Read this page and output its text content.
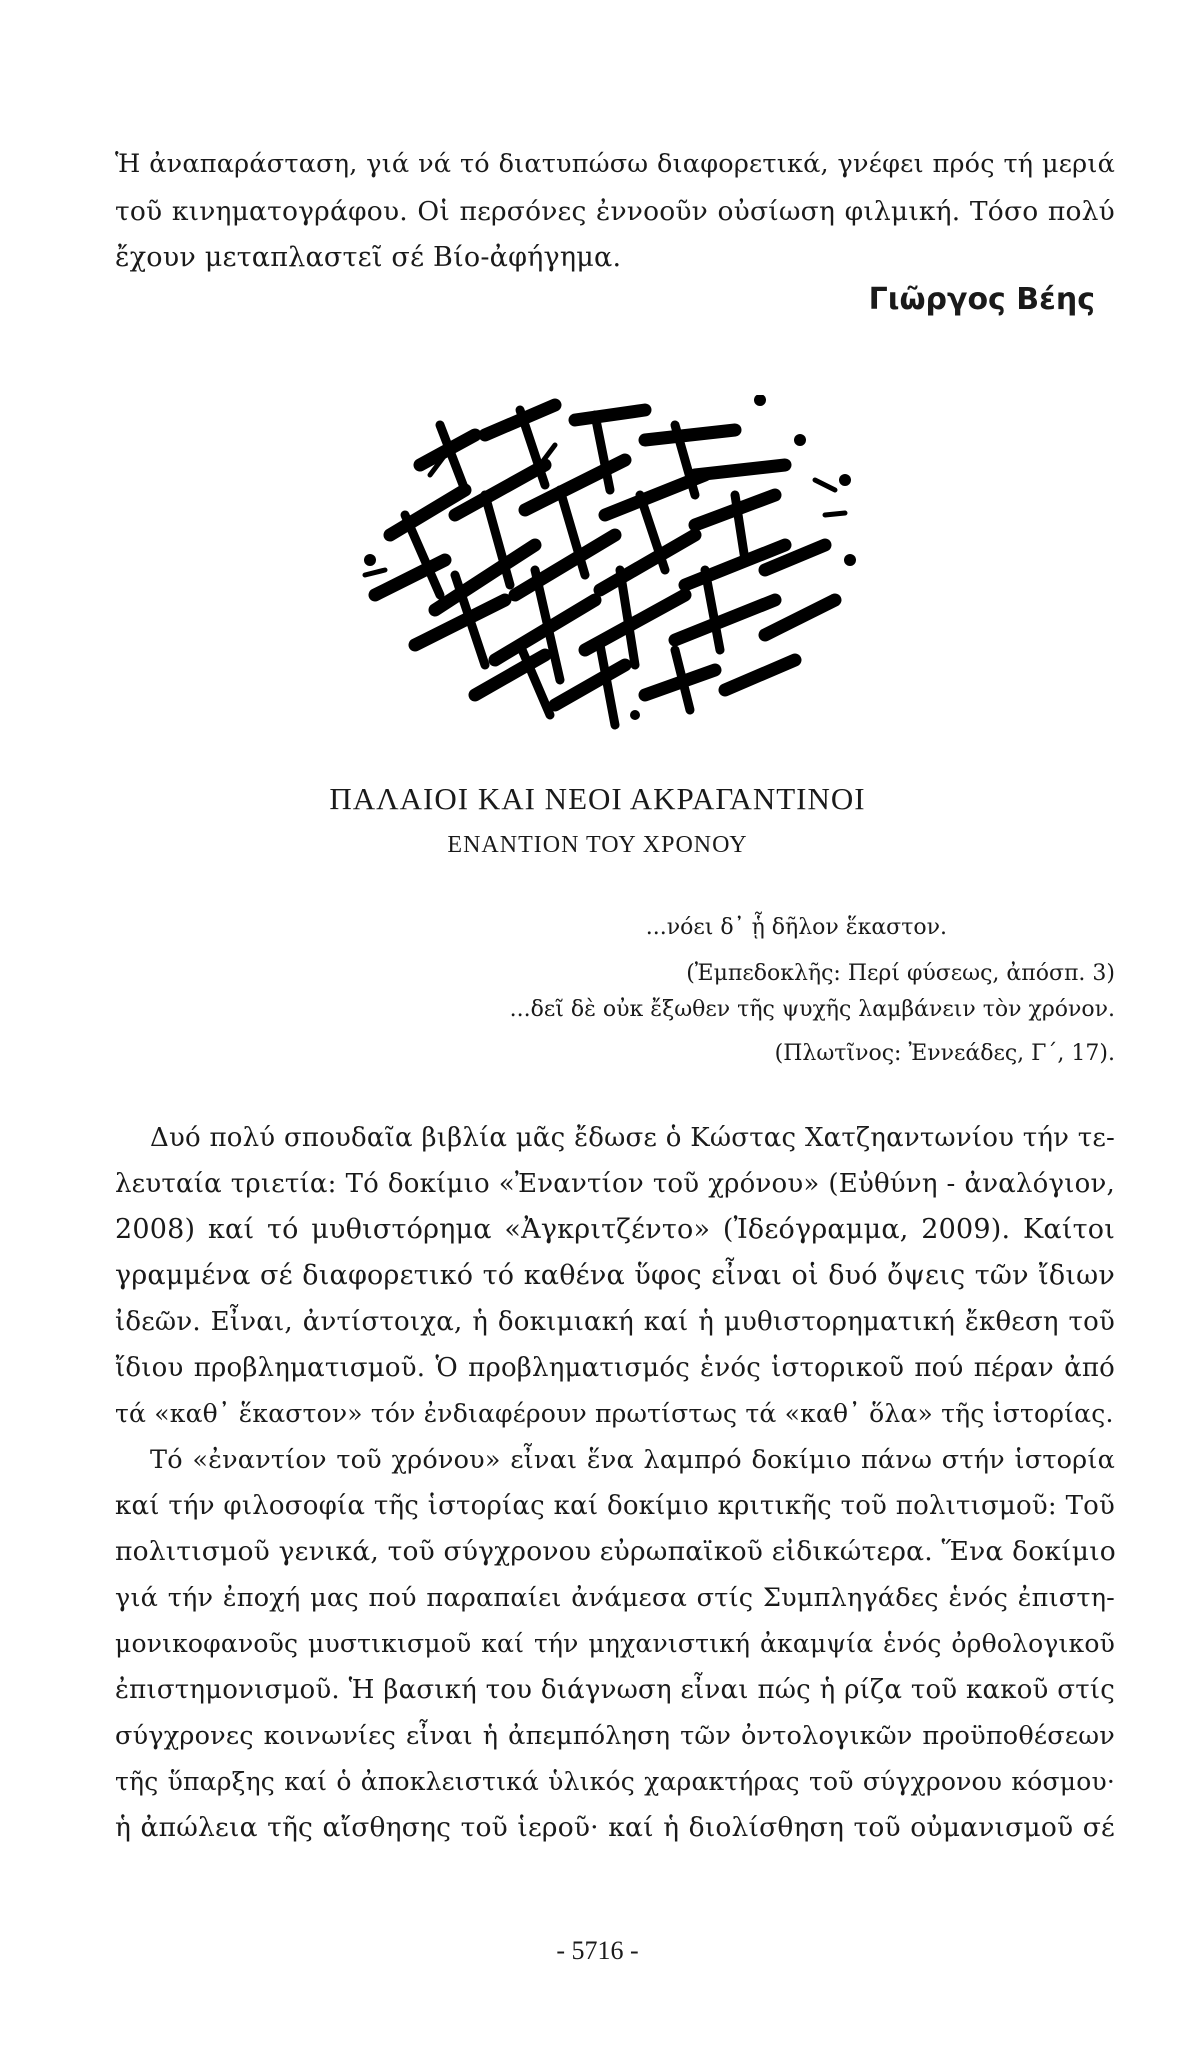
Ἡ ἀναπαράσταση, γιά νά τό διατυπώσω διαφορετικά, γνέφει πρός τή μεριά
τοῦ κινηματογράφου. Οἱ περσόνες ἐννοοῦν οὐσίωση φιλμική. Τόσο πολύ
ἔχουν μεταπλαστεῖ σέ Βίο-ἀφήγημα.
Γιῶργος Βέης
ΠΑΛΑΙΟΙ ΚΑΙ ΝΕΟΙ ΑΚΡΑΓΑΝΤΙΝΟΙ
ΕΝΑΝΤΙΟΝ ΤΟΥ ΧΡΟΝΟΥ
...νόει δ᾽ ᾗ δῆλον ἕκαστον.
(Ἐμπεδοκλῆς: Περί φύσεως, ἀπόσπ. 3)
...δεῖ δὲ οὐκ ἔξωθεν τῆς ψυχῆς λαμβάνειν τὸν χρόνον.
(Πλωτῖνος: Ἐννεάδες, Γ΄, 17).
Δυό πολύ σπουδαῖα βιβλία μᾶς ἔδωσε ὁ Κώστας Χατζηαντωνίου τήν τε-
λευταία τριετία: Τό δοκίμιο «Ἐναντίον τοῦ χρόνου» (Εὐθύνη - ἀναλόγιον,
2008) καί τό μυθιστόρημα «Ἀγκριτζέντο» (Ἰδεόγραμμα, 2009). Καίτοι
γραμμένα σέ διαφορετικό τό καθένα ὕφος εἶναι οἱ δυό ὄψεις τῶν ἴδιων
ἰδεῶν. Εἶναι, ἀντίστοιχα, ἡ δοκιμιακή καί ἡ μυθιστορηματική ἔκθεση τοῦ
ἴδιου προβληματισμοῦ. Ὁ προβληματισμός ἑνός ἱστορικοῦ πού πέραν ἀπό
τά «καθ᾽ ἕκαστον» τόν ἐνδιαφέρουν πρωτίστως τά «καθ᾽ ὅλα» τῆς ἱστορίας.
Τό «ἐναντίον τοῦ χρόνου» εἶναι ἕνα λαμπρό δοκίμιο πάνω στήν ἱστορία
καί τήν φιλοσοφία τῆς ἱστορίας καί δοκίμιο κριτικῆς τοῦ πολιτισμοῦ: Τοῦ
πολιτισμοῦ γενικά, τοῦ σύγχρονου εὐρωπαϊκοῦ εἰδικώτερα. Ἕνα δοκίμιο
γιά τήν ἐποχή μας πού παραπαίει ἀνάμεσα στίς Συμπληγάδες ἑνός ἐπιστη-
μονικοφανοῦς μυστικισμοῦ καί τήν μηχανιστική ἀκαμψία ἑνός ὀρθολογικοῦ
ἐπιστημονισμοῦ. Ἡ βασική του διάγνωση εἶναι πώς ἡ ρίζα τοῦ κακοῦ στίς
σύγχρονες κοινωνίες εἶναι ἡ ἀπεμπόληση τῶν ὀντολογικῶν προϋποθέσεων
τῆς ὕπαρξης καί ὁ ἀποκλειστικά ὑλικός χαρακτήρας τοῦ σύγχρονου κόσμου·
ἡ ἀπώλεια τῆς αἴσθησης τοῦ ἱεροῦ· καί ἡ διολίσθηση τοῦ οὐμανισμοῦ σέ
- 5716 -
